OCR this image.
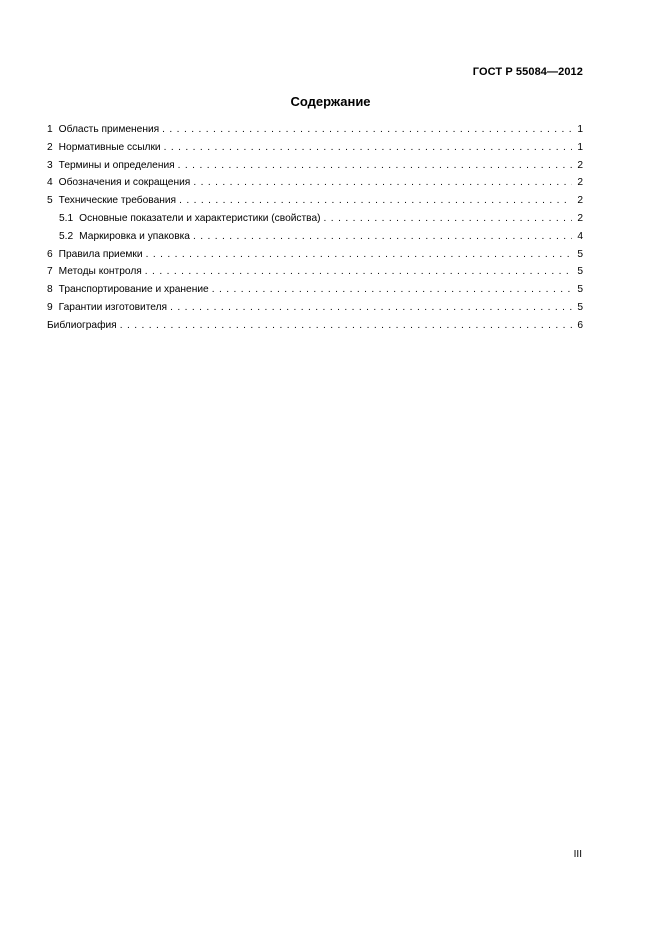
ГОСТ Р 55084—2012
Содержание
1 Область применения . . .	1
2 Нормативные ссылки . . .	1
3 Термины и определения . . .	2
4 Обозначения и сокращения . . .	2
5 Технические требования . . .	2
5.1 Основные показатели и характеристики (свойства) . . .	2
5.2 Маркировка и упаковка . . .	4
6 Правила приемки . . .	5
7 Методы контроля . . .	5
8 Транспортирование и хранение . . .	5
9 Гарантии изготовителя . . .	5
Библиография . . .	6
III
